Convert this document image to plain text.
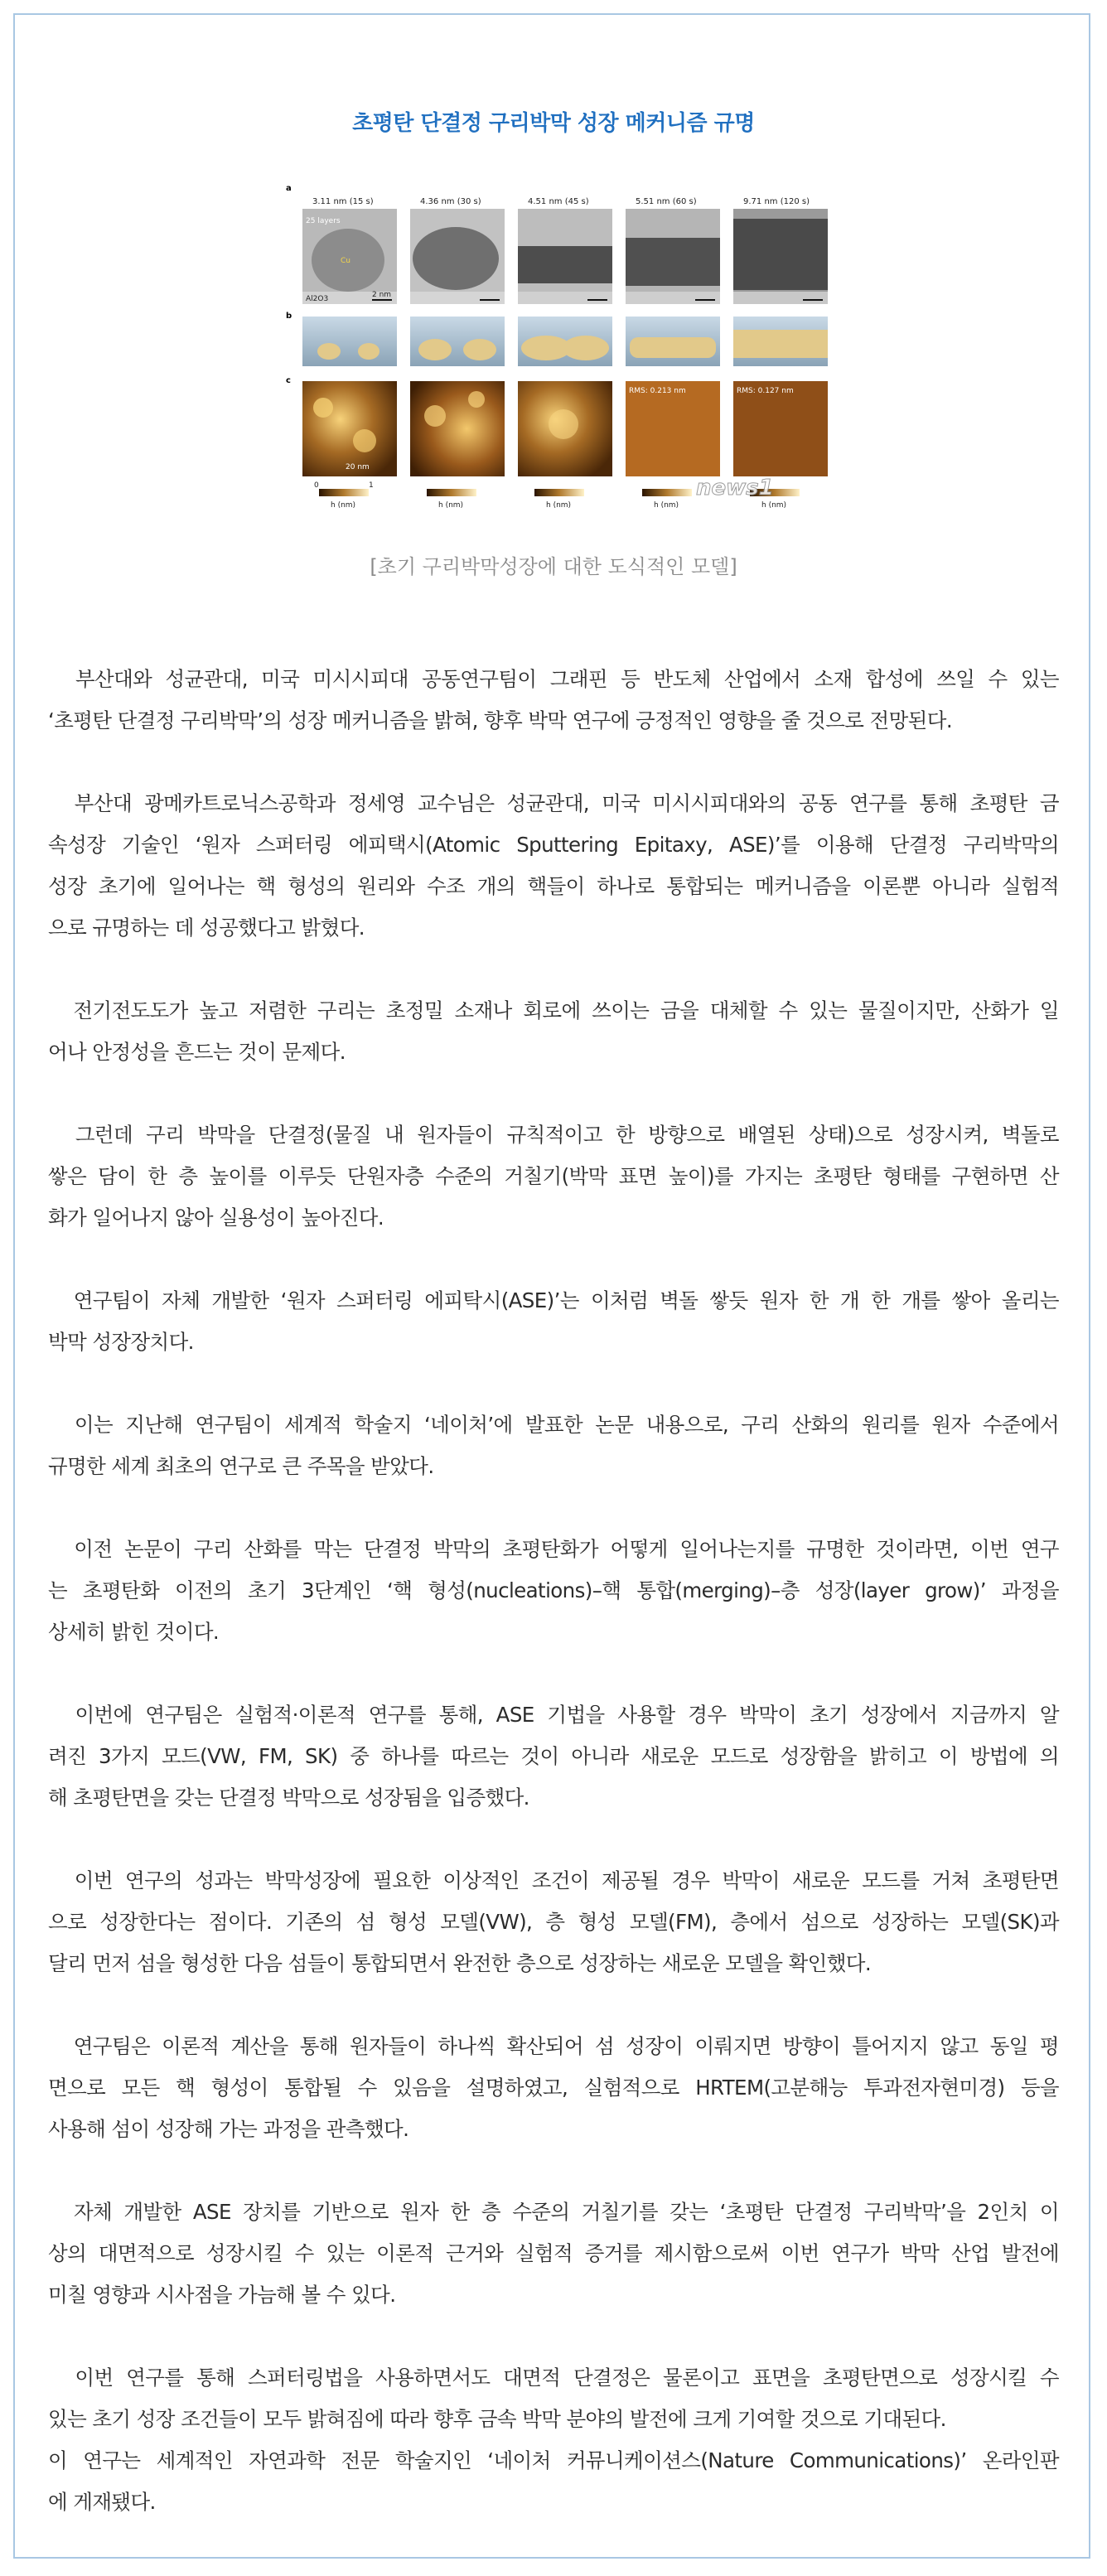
초평탄 단결정 구리박막 성장 메커니즘 규명
a
3.11 nm (15 s)	4.36 nm (30 s)	4.51 nm (45 s)	5.51 nm (60 s)	9.71 nm (120 s)
25 layers
Cu
Al2O3	2 nm
b
c
20 nm
RMS: 0.213 nm	RMS: 0.127 nm
0	1
h (nm)	h (nm)	h (nm)	h (nm)	h (nm)
news1
[초기 구리박막성장에 대한 도식적인 모델]

　부산대와 성균관대, 미국 미시시피대 공동연구팀이 그래핀 등 반도체 산업에서 소재 합성에 쓰일 수 있는
‘초평탄 단결정 구리박막’의 성장 메커니즘을 밝혀, 향후 박막 연구에 긍정적인 영향을 줄 것으로 전망된다.

　부산대 광메카트로닉스공학과 정세영 교수님은 성균관대, 미국 미시시피대와의 공동 연구를 통해 초평탄 금
속성장 기술인 ‘원자 스퍼터링 에피택시(Atomic Sputtering Epitaxy, ASE)’를 이용해 단결정 구리박막의
성장 초기에 일어나는 핵 형성의 원리와 수조 개의 핵들이 하나로 통합되는 메커니즘을 이론뿐 아니라 실험적
으로 규명하는 데 성공했다고 밝혔다.

　전기전도도가 높고 저렴한 구리는 초정밀 소재나 회로에 쓰이는 금을 대체할 수 있는 물질이지만, 산화가 일
어나 안정성을 흔드는 것이 문제다.

　그런데 구리 박막을 단결정(물질 내 원자들이 규칙적이고 한 방향으로 배열된 상태)으로 성장시켜, 벽돌로
쌓은 담이 한 층 높이를 이루듯 단원자층 수준의 거칠기(박막 표면 높이)를 가지는 초평탄 형태를 구현하면 산
화가 일어나지 않아 실용성이 높아진다.

　연구팀이 자체 개발한 ‘원자 스퍼터링 에피탁시(ASE)’는 이처럼 벽돌 쌓듯 원자 한 개 한 개를 쌓아 올리는
박막 성장장치다.

　이는 지난해 연구팀이 세계적 학술지 ‘네이처’에 발표한 논문 내용으로, 구리 산화의 원리를 원자 수준에서
규명한 세계 최초의 연구로 큰 주목을 받았다.

　이전 논문이 구리 산화를 막는 단결정 박막의 초평탄화가 어떻게 일어나는지를 규명한 것이라면, 이번 연구
는 초평탄화 이전의 초기 3단계인 ‘핵 형성(nucleations)–핵 통합(merging)–층 성장(layer grow)’ 과정을
상세히 밝힌 것이다.

　이번에 연구팀은 실험적·이론적 연구를 통해, ASE 기법을 사용할 경우 박막이 초기 성장에서 지금까지 알
려진 3가지 모드(VW, FM, SK) 중 하나를 따르는 것이 아니라 새로운 모드로 성장함을 밝히고 이 방법에 의
해 초평탄면을 갖는 단결정 박막으로 성장됨을 입증했다.

　이번 연구의 성과는 박막성장에 필요한 이상적인 조건이 제공될 경우 박막이 새로운 모드를 거쳐 초평탄면
으로 성장한다는 점이다. 기존의 섬 형성 모델(VW), 층 형성 모델(FM), 층에서 섬으로 성장하는 모델(SK)과
달리 먼저 섬을 형성한 다음 섬들이 통합되면서 완전한 층으로 성장하는 새로운 모델을 확인했다.

　연구팀은 이론적 계산을 통해 원자들이 하나씩 확산되어 섬 성장이 이뤄지면 방향이 틀어지지 않고 동일 평
면으로 모든 핵 형성이 통합될 수 있음을 설명하였고, 실험적으로 HRTEM(고분해능 투과전자현미경) 등을
사용해 섬이 성장해 가는 과정을 관측했다.

　자체 개발한 ASE 장치를 기반으로 원자 한 층 수준의 거칠기를 갖는 ‘초평탄 단결정 구리박막’을 2인치 이
상의 대면적으로 성장시킬 수 있는 이론적 근거와 실험적 증거를 제시함으로써 이번 연구가 박막 산업 발전에
미칠 영향과 시사점을 가늠해 볼 수 있다.

　이번 연구를 통해 스퍼터링법을 사용하면서도 대면적 단결정은 물론이고 표면을 초평탄면으로 성장시킬 수
있는 초기 성장 조건들이 모두 밝혀짐에 따라 향후 금속 박막 분야의 발전에 크게 기여할 것으로 기대된다.

이 연구는 세계적인 자연과학 전문 학술지인 ‘네이처 커뮤니케이션스(Nature Communications)’ 온라인판
에 게재됐다.
